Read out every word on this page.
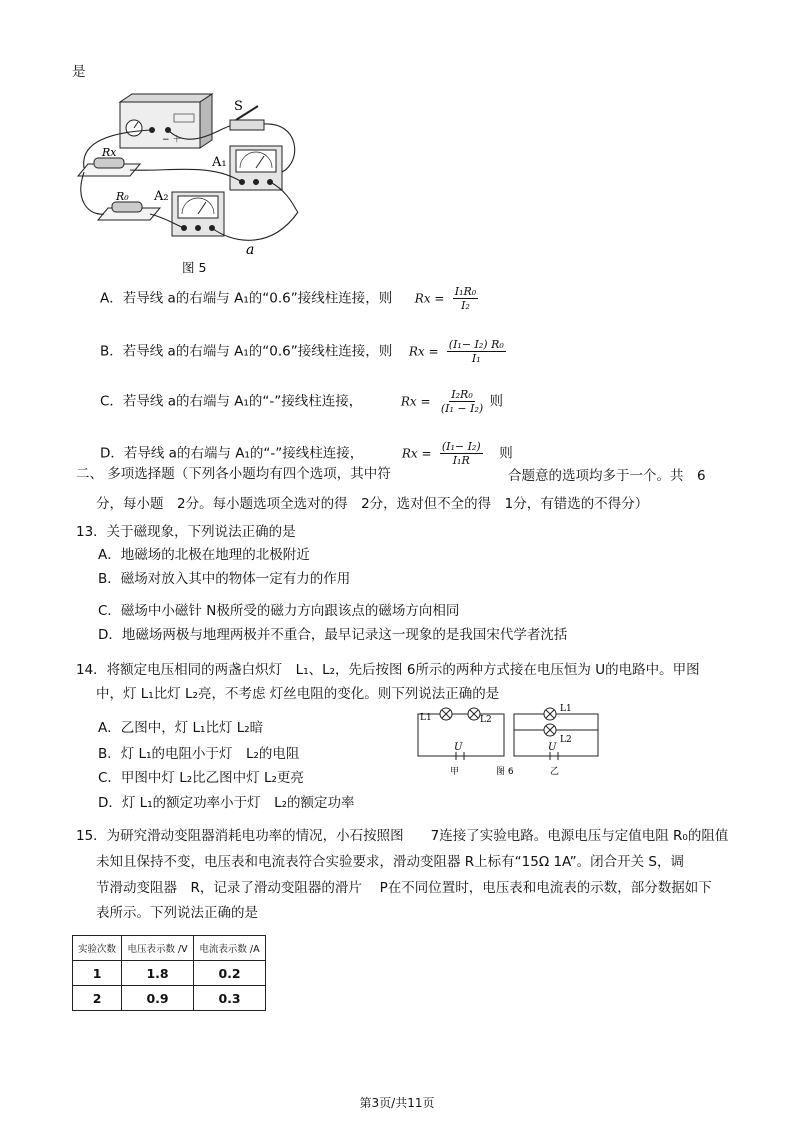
是
− ＋
S
Rx
R₀
A₁
A₂
a
图 5
A．若导线 a的右端与 A₁的“0.6”接线柱连接，则 $Rx = \frac{\text{I₁R₀}}{\text{I₂}}$
B．若导线 a的右端与 A₁的“0.6”接线柱连接，则 $Rx = \frac{\text{(I₁− I₂) R₀}}{\text{I₁}}$
C．若导线 a的右端与 A₁的“-”接线柱连接，	$Rx = \frac{\text{I₂R₀}}{\text{(I₁ − I₂)}}$ 则
D．若导线 a的右端与 A₁的“-”接线柱连接，	$Rx = \frac{\text{(I₁− I₂)}}{\text{I₁R}}$ 则
二、 多项选择题（下列各小题均有四个选项，其中符	合题意的选项均多于一个。共　6
分，每小题　2分。每小题选项全选对的得　2分，选对但不全的得　1分，有错选的不得分）
13．关于磁现象，下列说法正确的是
A．地磁场的北极在地理的北极附近
B．磁场对放入其中的物体一定有力的作用
C．磁场中小磁针 N极所受的磁力方向跟该点的磁场方向相同
D．地磁场两极与地理两极并不重合，最早记录这一现象的是我国宋代学者沈括
14．将额定电压相同的两盏白炽灯　L₁、L₂，先后按图 6所示的两种方式接在电压恒为 U的电路中。甲图
中，灯 L₁比灯 L₂亮，不考虑 灯丝电阻的变化。则下列说法正确的是
A．乙图中，灯 L₁比灯 L₂暗
B．灯 L₁的电阻小于灯　L₂的电阻
C．甲图中灯 L₂比乙图中灯 L₂更亮
D．灯 L₁的额定功率小于灯　L₂的额定功率
L1	L2
U
L1
L2
U
甲	图 6	乙
15．为研究滑动变阻器消耗电功率的情况，小石按照图　　7连接了实验电路。电源电压与定值电阻 R₀的阻值
未知且保持不变，电压表和电流表符合实验要求，滑动变阻器 R上标有“15Ω 1A”。闭合开关 S，调
节滑动变阻器　R，记录了滑动变阻器的滑片　 P在不同位置时，电压表和电流表的示数，部分数据如下
表所示。下列说法正确的是
实验次数	电压表示数 /V	电流表示数 /A
1	1.8	0.2
2	0.9	0.3
第3页/共11页
